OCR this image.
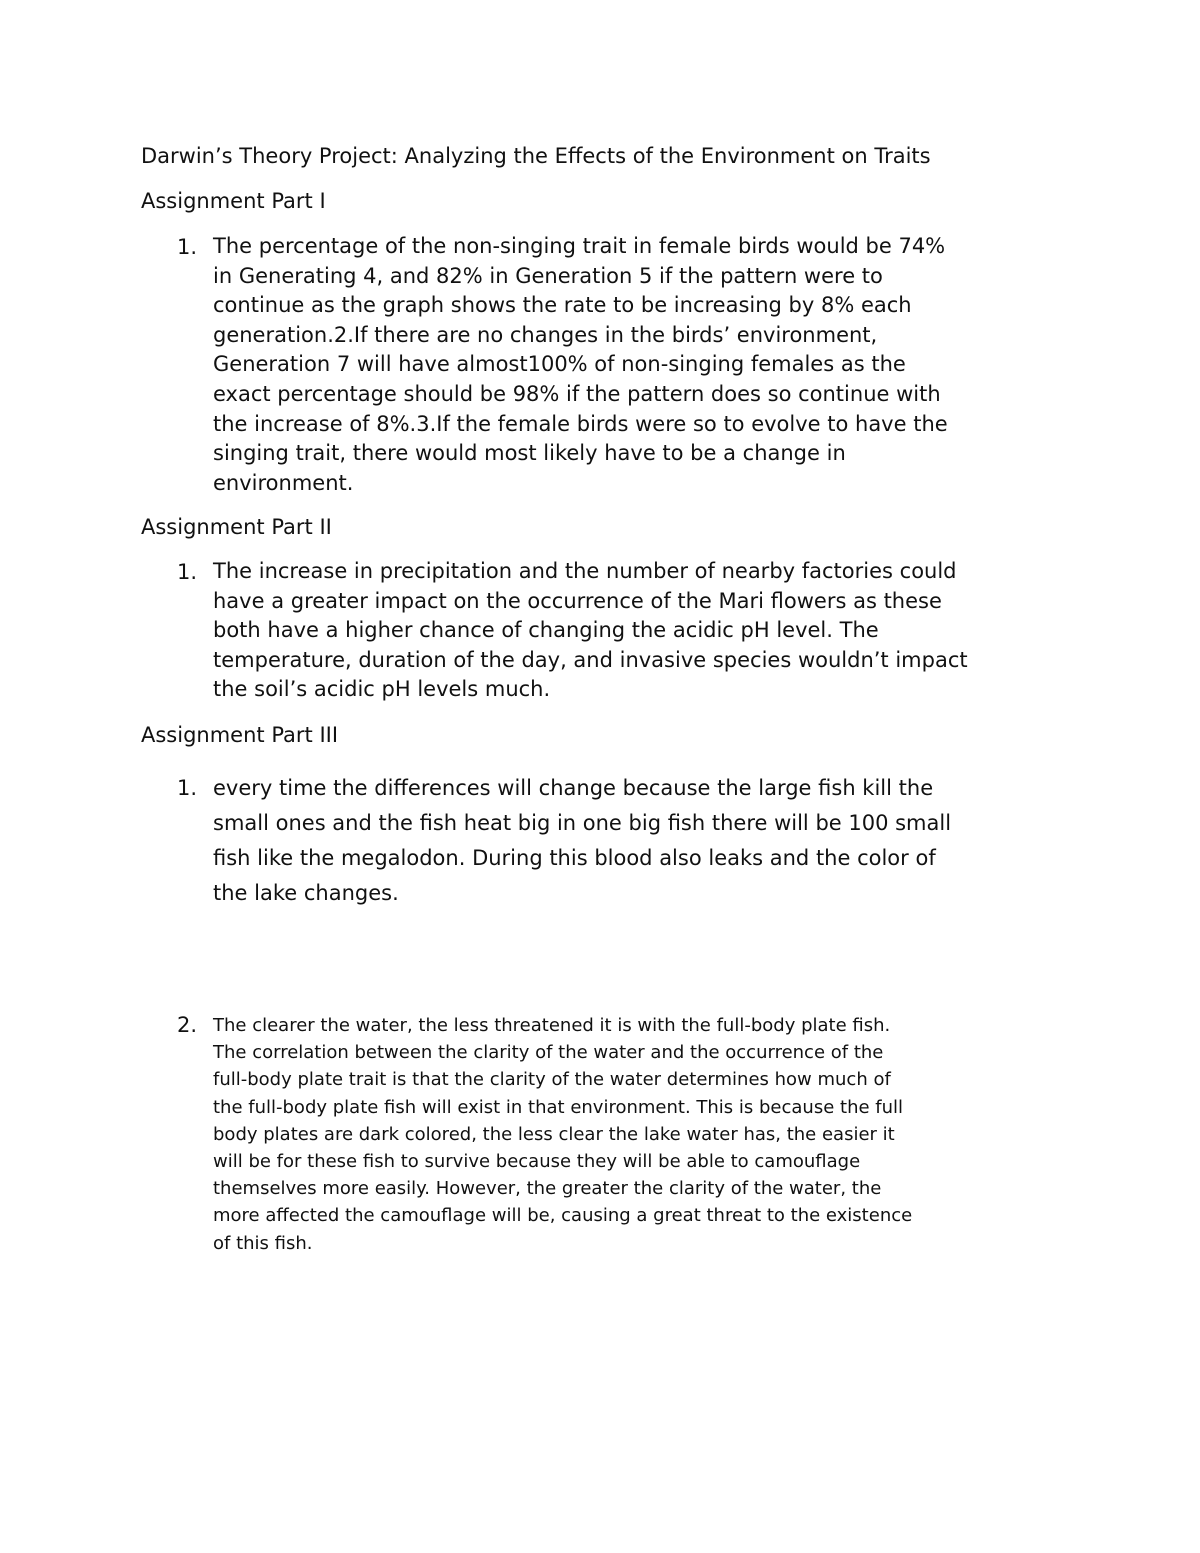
Darwin’s Theory Project: Analyzing the Effects of the Environment on Traits
Assignment Part I
1. The percentage of the non-singing trait in female birds would be 74%
in Generating 4, and 82% in Generation 5 if the pattern were to
continue as the graph shows the rate to be increasing by 8% each
generation.2.If there are no changes in the birds’ environment,
Generation 7 will have almost100% of non-singing females as the
exact percentage should be 98% if the pattern does so continue with
the increase of 8%.3.If the female birds were so to evolve to have the
singing trait, there would most likely have to be a change in
environment.
Assignment Part II
1. The increase in precipitation and the number of nearby factories could
have a greater impact on the occurrence of the Mari flowers as these
both have a higher chance of changing the acidic pH level. The
temperature, duration of the day, and invasive species wouldn’t impact
the soil’s acidic pH levels much.
Assignment Part III
1. every time the differences will change because the large fish kill the
small ones and the fish heat big in one big fish there will be 100 small
fish like the megalodon. During this blood also leaks and the color of
the lake changes.
2. The clearer the water, the less threatened it is with the full-body plate fish.
The correlation between the clarity of the water and the occurrence of the
full-body plate trait is that the clarity of the water determines how much of
the full-body plate fish will exist in that environment. This is because the full
body plates are dark colored, the less clear the lake water has, the easier it
will be for these fish to survive because they will be able to camouflage
themselves more easily. However, the greater the clarity of the water, the
more affected the camouflage will be, causing a great threat to the existence
of this fish.
